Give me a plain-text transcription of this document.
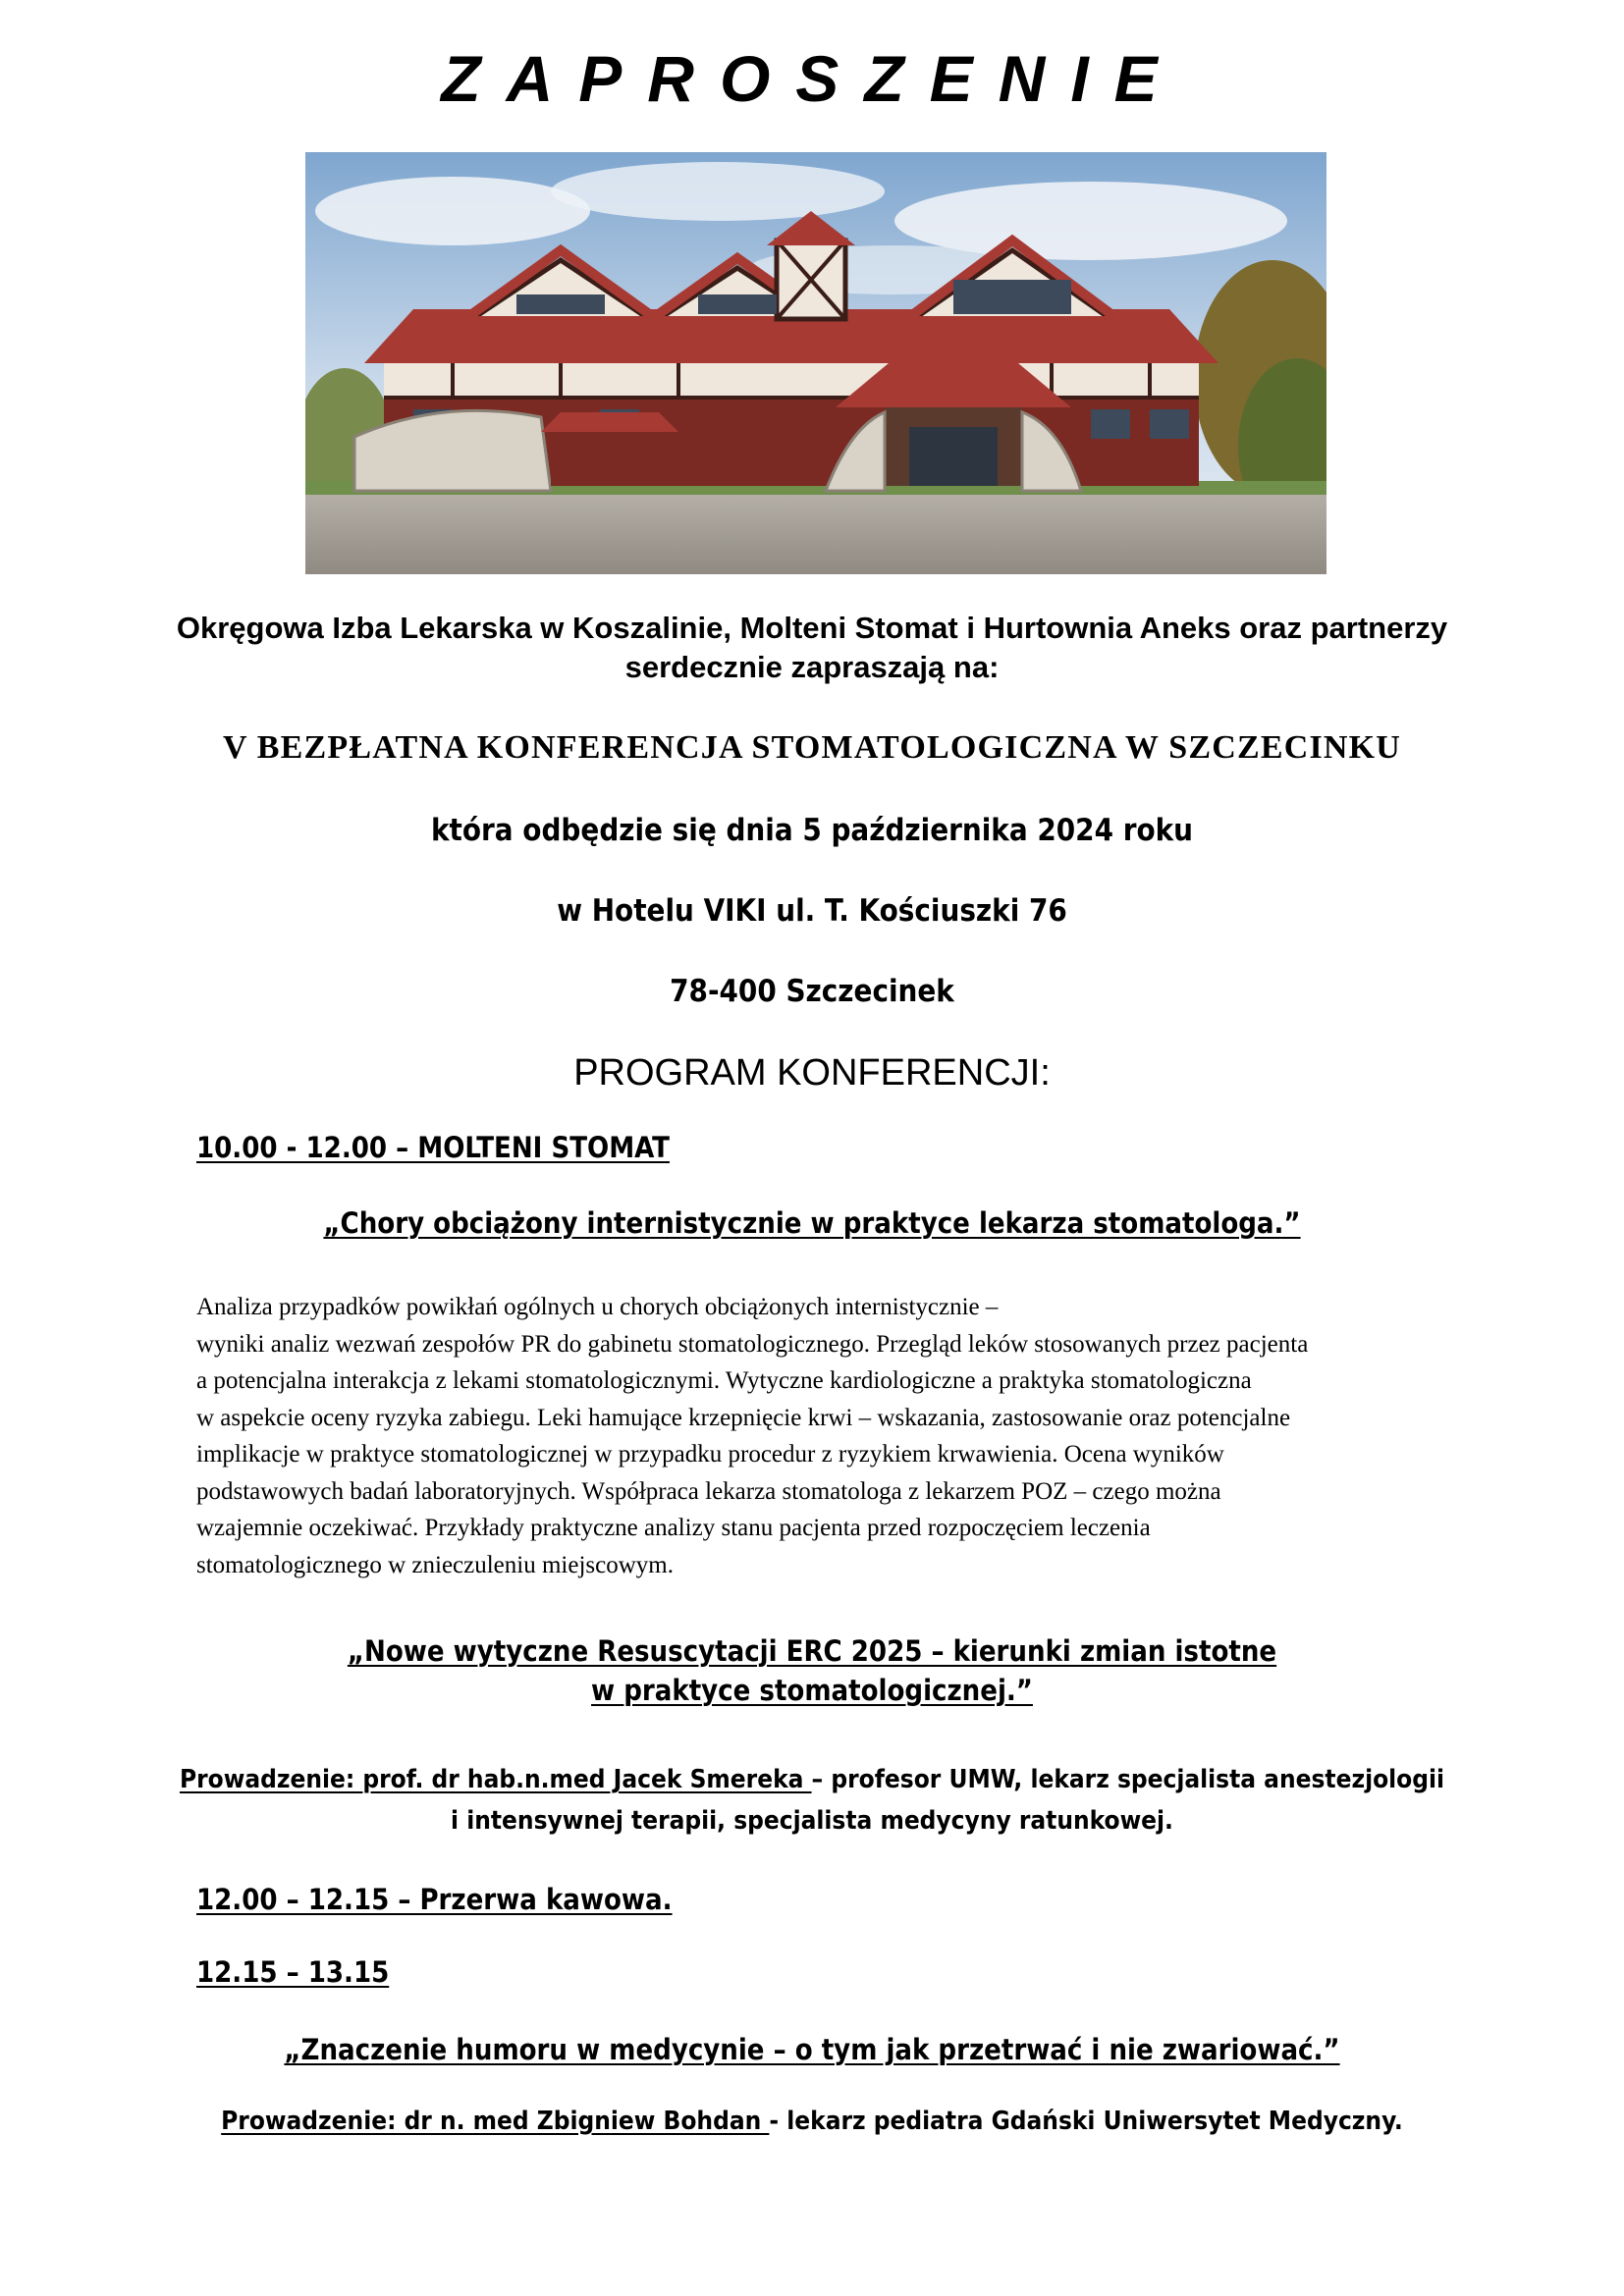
ZAPROSZENIE
Okręgowa Izba Lekarska w Koszalinie, Molteni Stomat i Hurtownia Aneks oraz partnerzy
serdecznie zapraszają na:
V BEZPŁATNA KONFERENCJA STOMATOLOGICZNA W SZCZECINKU
która odbędzie się dnia 5 października 2024 roku
w Hotelu VIKI ul. T. Kościuszki 76
78-400 Szczecinek
PROGRAM KONFERENCJI:
10.00 - 12.00 – MOLTENI STOMAT
„Chory obciążony internistycznie w praktyce lekarza stomatologa.”
Analiza przypadków powikłań ogólnych u chorych obciążonych internistycznie –
wyniki analiz wezwań zespołów PR do gabinetu stomatologicznego. Przegląd leków stosowanych przez pacjenta
a potencjalna interakcja z lekami stomatologicznymi. Wytyczne kardiologiczne a praktyka stomatologiczna
w aspekcie oceny ryzyka zabiegu. Leki hamujące krzepnięcie krwi – wskazania, zastosowanie oraz potencjalne
implikacje w praktyce stomatologicznej w przypadku procedur z ryzykiem krwawienia. Ocena wyników
podstawowych badań laboratoryjnych. Współpraca lekarza stomatologa z lekarzem POZ – czego można
wzajemnie oczekiwać. Przykłady praktyczne analizy stanu pacjenta przed rozpoczęciem leczenia
stomatologicznego w znieczuleniu miejscowym.
„Nowe wytyczne Resuscytacji ERC 2025 – kierunki zmian istotne
w praktyce stomatologicznej.”
Prowadzenie: prof. dr hab.n.med Jacek Smereka – profesor UMW, lekarz specjalista anestezjologii
i intensywnej terapii, specjalista medycyny ratunkowej.
12.00 – 12.15 – Przerwa kawowa.
12.15 – 13.15
„Znaczenie humoru w medycynie – o tym jak przetrwać i nie zwariować.”
Prowadzenie: dr n. med Zbigniew Bohdan - lekarz pediatra Gdański Uniwersytet Medyczny.
